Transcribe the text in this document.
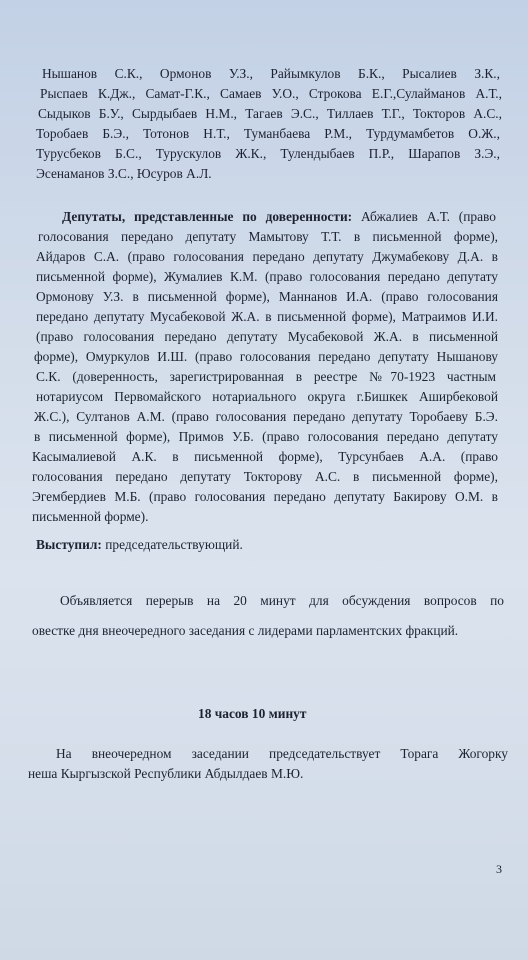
Нышанов С.К., Ормонов У.З., Райымкулов Б.К., Рысалиев З.К.,
Рыспаев К.Дж., Самат-Г.К., Самаев У.О., Строкова Е.Г.,Сулайманов А.Т.,
Сыдыков Б.У., Сырдыбаев Н.М., Тагаев Э.С., Тиллаев Т.Г., Токторов А.С.,
Торобаев Б.Э., Тотонов Н.Т., Туманбаева Р.М., Турдумамбетов О.Ж.,
Турусбеков Б.С., Турускулов Ж.К., Тулендыбаев П.Р., Шарапов З.Э.,
Эсенаманов З.С., Юсуров А.Л.
Депутаты, представленные по доверенности: Абжалиев А.Т. (право
голосования передано депутату Мамытову Т.Т. в письменной форме),
Айдаров С.А. (право голосования передано депутату Джумабекову Д.А. в
письменной форме), Жумалиев К.М. (право голосования передано депутату
Ормонову У.З. в письменной форме), Маннанов И.А. (право голосования
передано депутату Мусабековой Ж.А. в письменной форме), Матраимов И.И.
(право голосования передано депутату Мусабековой Ж.А. в письменной
форме), Омуркулов И.Ш. (право голосования передано депутату Нышанову
С.К. (доверенность, зарегистрированная в реестре №70-1923 частным
нотариусом Первомайского нотариального округа г.Бишкек Аширбековой
Ж.С.), Султанов А.М. (право голосования передано депутату Торобаеву Б.Э.
в письменной форме), Примов У.Б. (право голосования передано депутату
Касымалиевой А.К. в письменной форме), Турсунбаев А.А. (право
голосования передано депутату Токторову А.С. в письменной форме),
Эгембердиев М.Б. (право голосования передано депутату Бакирову О.М. в
письменной форме).
Выступил: председательствующий.
Объявляется перерыв на 20 минут для обсуждения вопросов по
овестке дня внеочередного заседания с лидерами парламентских фракций.
18 часов 10 минут
На внеочередном заседании председательствует Торага Жогорку
неша Кыргызской Республики Абдылдаев М.Ю.
3
